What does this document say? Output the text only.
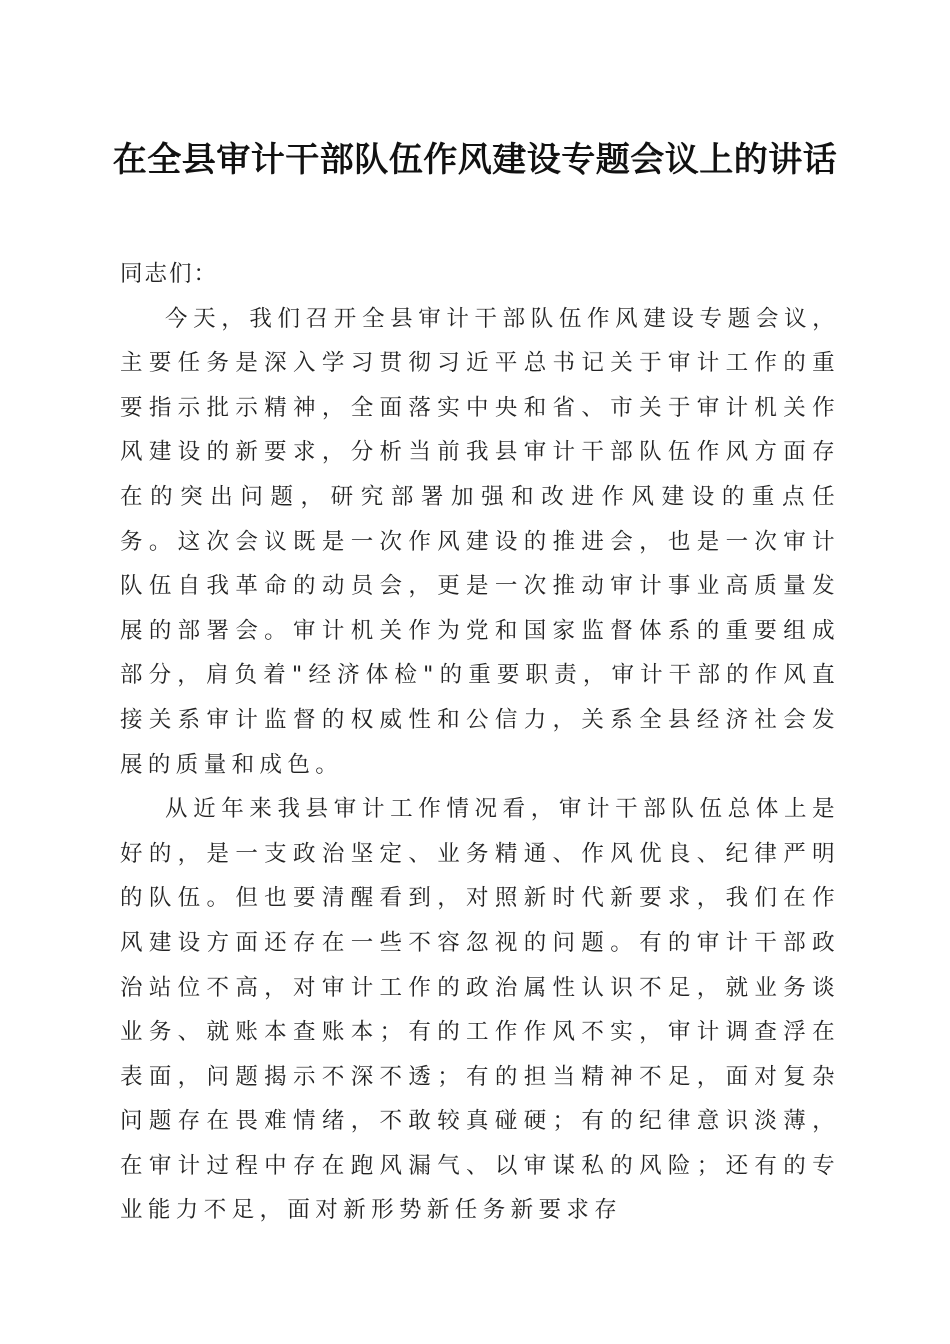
在全县审计干部队伍作风建设专题会议上的讲话

同志们：

今天，我们召开全县审计干部队伍作风建设专题会议，主要任务是深入学习贯彻习近平总书记关于审计工作的重要指示批示精神，全面落实中央和省、市关于审计机关作风建设的新要求，分析当前我县审计干部队伍作风方面存在的突出问题，研究部署加强和改进作风建设的重点任务。这次会议既是一次作风建设的推进会，也是一次审计队伍自我革命的动员会，更是一次推动审计事业高质量发展的部署会。审计机关作为党和国家监督体系的重要组成部分，肩负着"经济体检"的重要职责，审计干部的作风直接关系审计监督的权威性和公信力，关系全县经济社会发展的质量和成色。

从近年来我县审计工作情况看，审计干部队伍总体上是好的，是一支政治坚定、业务精通、作风优良、纪律严明的队伍。但也要清醒看到，对照新时代新要求，我们在作风建设方面还存在一些不容忽视的问题。有的审计干部政治站位不高，对审计工作的政治属性认识不足，就业务谈业务、就账本查账本；有的工作作风不实，审计调查浮在表面，问题揭示不深不透；有的担当精神不足，面对复杂问题存在畏难情绪，不敢较真碰硬；有的纪律意识淡薄，在审计过程中存在跑风漏气、以审谋私的风险；还有的专业能力不足，面对新形势新任务新要求存
